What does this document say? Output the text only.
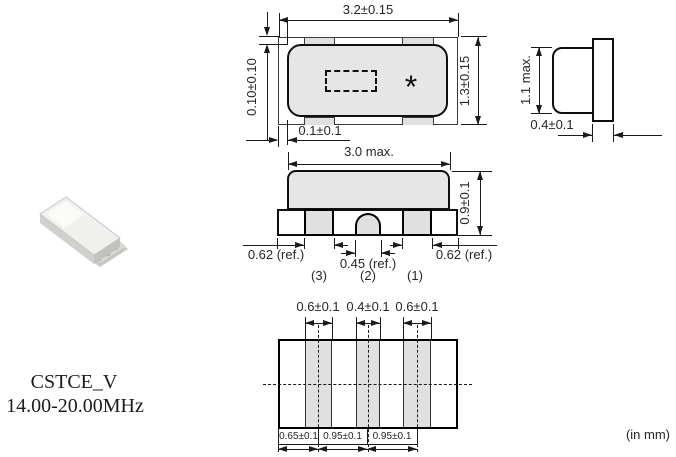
CSTCE_V
14.00-20.00MHz
(in mm)
*
3.2±0.15
0.10±0.10
0.1±0.1
1.3±0.15	1.1 max.
0.4±0.1
3.0 max.
0.9±0.1
0.62 (ref.)
0.45 (ref.)
0.62 (ref.)
(3)	(2)	(1)
0.6±0.1 0.4±0.1 0.6±0.1
0.65±0.1 0.95±0.1	0.95±0.1
